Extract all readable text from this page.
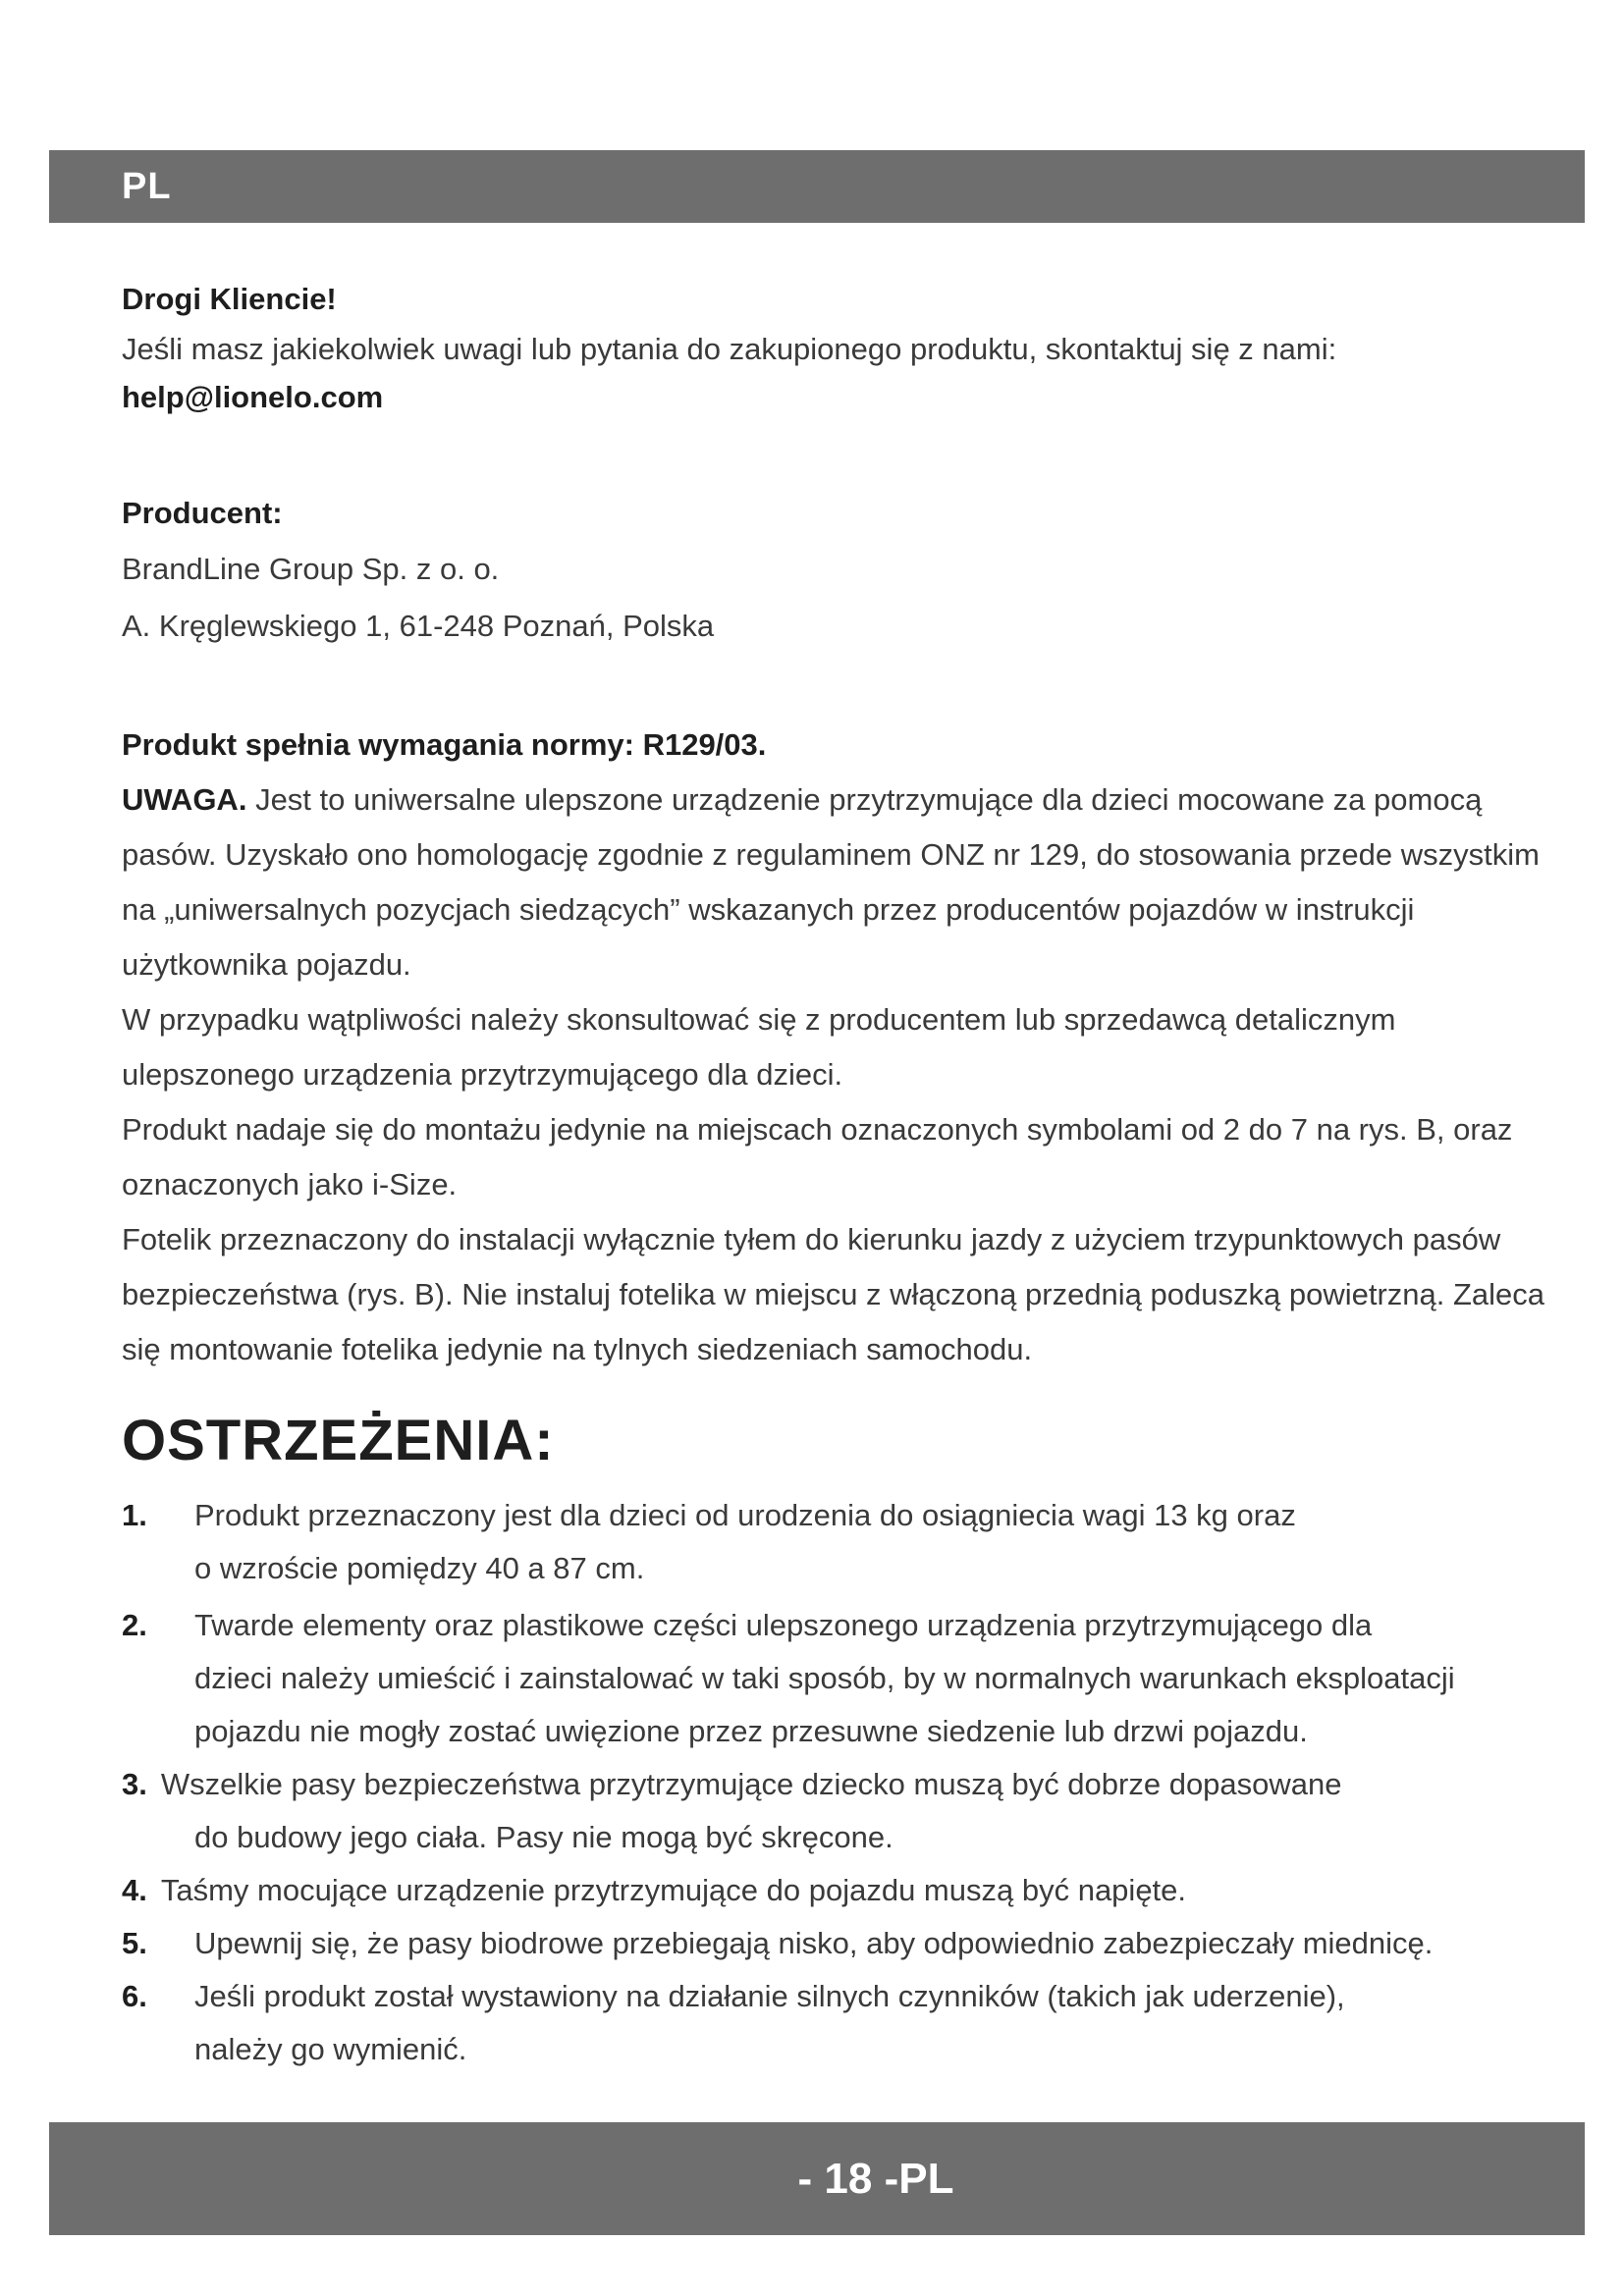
PL

Drogi Kliencie!

Jeśli masz jakiekolwiek uwagi lub pytania do zakupionego produktu, skontaktuj się z nami:

help@lionelo.com

Producent:

BrandLine Group Sp. z o. o.

A. Kręglewskiego 1, 61-248 Poznań, Polska

Produkt spełnia wymagania normy: R129/03.

UWAGA. Jest to uniwersalne ulepszone urządzenie przytrzymujące dla dzieci mocowane za pomocą pasów. Uzyskało ono homologację zgodnie z regulaminem ONZ nr 129, do stosowania przede wszystkim na „uniwersalnych pozycjach siedzących” wskazanych przez producentów pojazdów w instrukcji użytkownika pojazdu.

W przypadku wątpliwości należy skonsultować się z producentem lub sprzedawcą detalicznym ulepszonego urządzenia przytrzymującego dla dzieci.

Produkt nadaje się do montażu jedynie na miejscach oznaczonych symbolami od 2 do 7 na rys. B, oraz oznaczonych jako i-Size.

Fotelik przeznaczony do instalacji wyłącznie tyłem do kierunku jazdy z użyciem trzypunktowych pasów bezpieczeństwa (rys. B). Nie instaluj fotelika w miejscu z włączoną przednią poduszką powietrzną. Zaleca się montowanie fotelika jedynie na tylnych siedzeniach samochodu.

OSTRZEŻENIA:
1. Produkt przeznaczony jest dla dzieci od urodzenia do osiągniecia wagi 13 kg oraz
o wzroście pomiędzy 40 a 87 cm.
2. Twarde elementy oraz plastikowe części ulepszonego urządzenia przytrzymującego dla
dzieci należy umieścić i zainstalować w taki sposób, by w normalnych warunkach eksploatacji pojazdu nie mogły zostać uwięzione przez przesuwne siedzenie lub drzwi pojazdu.
3. Wszelkie pasy bezpieczeństwa przytrzymujące dziecko muszą być dobrze dopasowane
do budowy jego ciała. Pasy nie mogą być skręcone.
4. Taśmy mocujące urządzenie przytrzymujące do pojazdu muszą być napięte.
5. Upewnij się, że pasy biodrowe przebiegają nisko, aby odpowiednio zabezpieczały miednicę.
6. Jeśli produkt został wystawiony na działanie silnych czynników (takich jak uderzenie),
należy go wymienić.
- 18 -PL
